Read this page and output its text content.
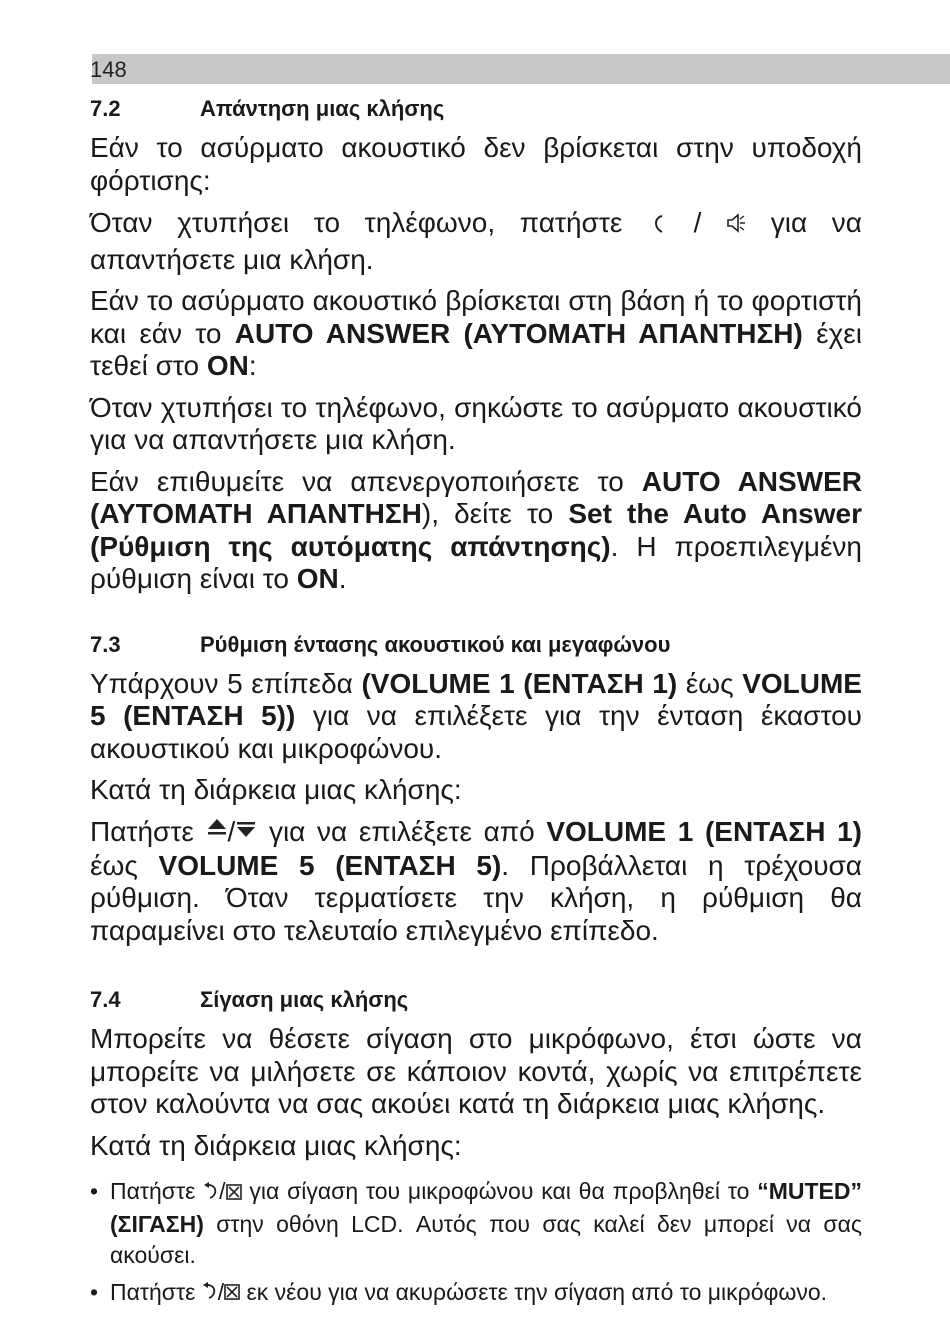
148
7.2	Απάντηση μιας κλήσης

Εάν το ασύρματο ακουστικό δεν βρίσκεται στην υποδοχή φόρτισης:

Όταν χτυπήσει το τηλέφωνο, πατήστε  /  για να απαντήσετε μια κλήση.

Εάν το ασύρματο ακουστικό βρίσκεται στη βάση ή το φορτιστή και εάν το AUTO ANSWER (ΑΥΤΟΜΑΤΗ ΑΠΑΝΤΗΣΗ) έχει τεθεί στο ON:

Όταν χτυπήσει το τηλέφωνο, σηκώστε το ασύρματο ακουστικό για να απαντήσετε μια κλήση.

Εάν επιθυμείτε να απενεργοποιήσετε το AUTO ANSWER (ΑΥΤΟΜΑΤΗ ΑΠΑΝΤΗΣΗ), δείτε το Set the Auto Answer (Ρύθμιση της αυτόματης απάντησης). Η προεπιλεγμένη ρύθμιση είναι το ON.

7.3	Ρύθμιση έντασης ακουστικού και μεγαφώνου

Υπάρχουν 5 επίπεδα (VOLUME 1 (ΕΝΤΑΣΗ 1) έως VOLUME 5 (ΕΝΤΑΣΗ 5)) για να επιλέξετε για την ένταση έκαστου ακουστικού και μικροφώνου.

Κατά τη διάρκεια μιας κλήσης:

Πατήστε / για να επιλέξετε από VOLUME 1 (ΕΝΤΑΣΗ 1) έως VOLUME 5 (ΕΝΤΑΣΗ 5). Προβάλλεται η τρέχουσα ρύθμιση. Όταν τερματίσετε την κλήση, η ρύθμιση θα παραμείνει στο τελευταίο επιλεγμένο επίπεδο.

7.4	Σίγαση μιας κλήσης

Μπορείτε να θέσετε σίγαση στο μικρόφωνο, έτσι ώστε να μπορείτε να μιλήσετε σε κάποιον κοντά, χωρίς να επιτρέπετε στον καλούντα να σας ακούει κατά τη διάρκεια μιας κλήσης.

Κατά τη διάρκεια μιας κλήσης:

• Πατήστε / για σίγαση του μικροφώνου και θα προβληθεί το “MUTED” (ΣΙΓΑΣΗ) στην οθόνη LCD. Αυτός που σας καλεί δεν μπορεί να σας ακούσει.
• Πατήστε / εκ νέου για να ακυρώσετε την σίγαση από το μικρόφωνο.
